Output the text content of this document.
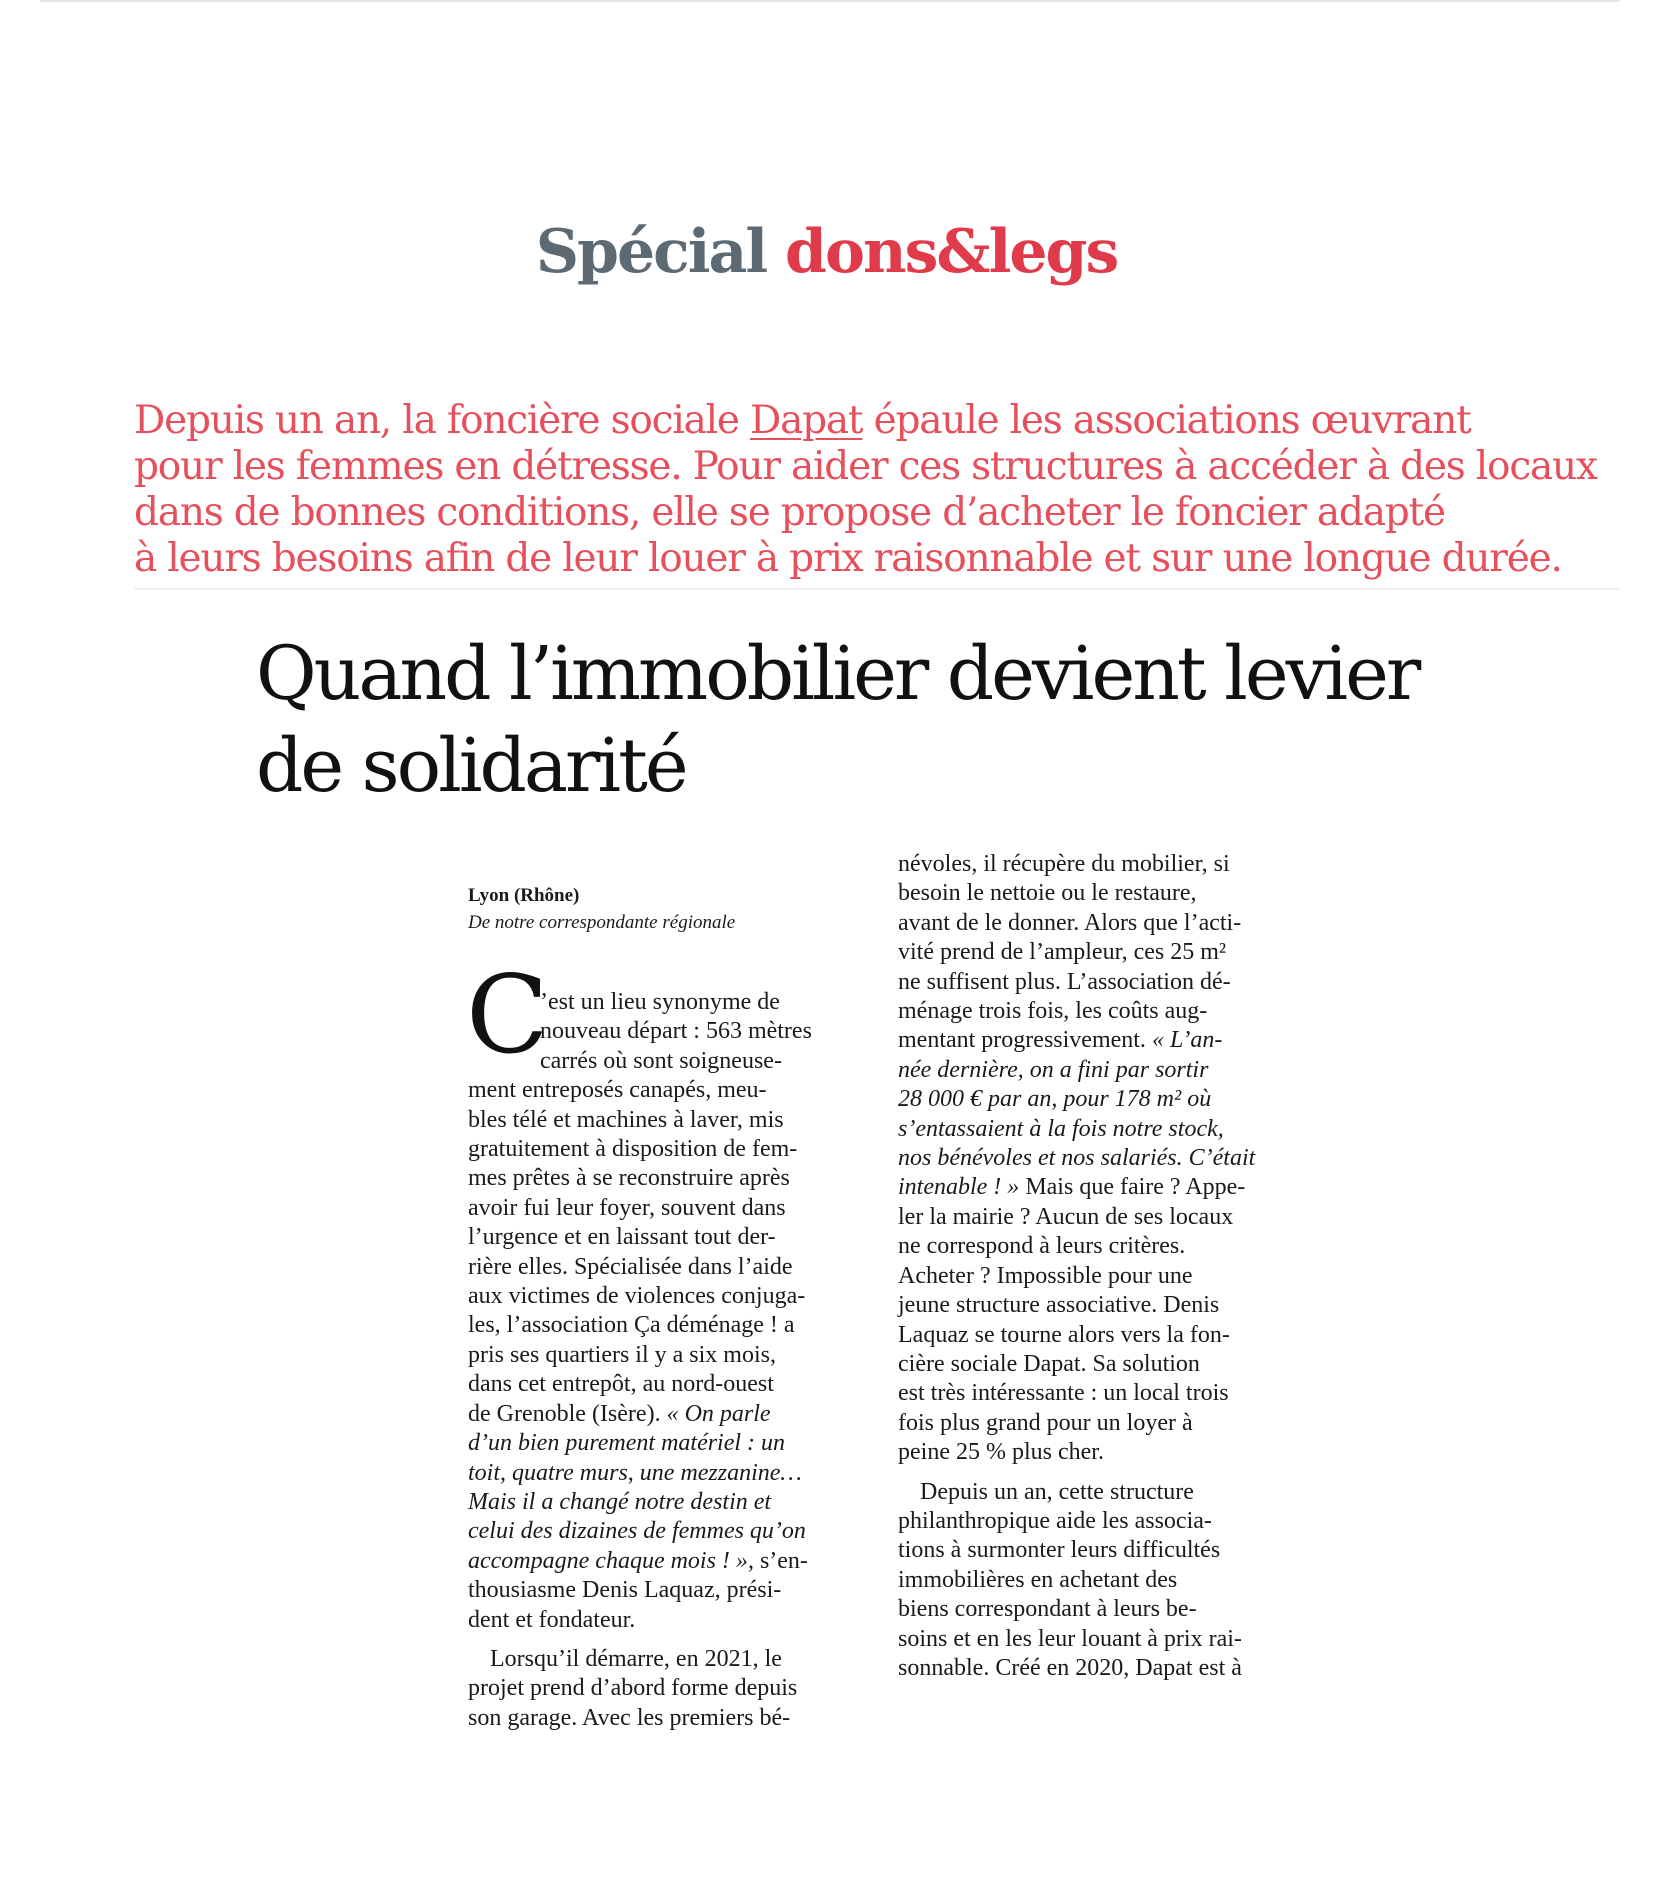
Spécial dons&legs
Depuis un an, la foncière sociale Dapat épaule les associations œuvrant
pour les femmes en détresse. Pour aider ces structures à accéder à des locaux
dans de bonnes conditions, elle se propose d’acheter le foncier adapté
à leurs besoins afin de leur louer à prix raisonnable et sur une longue durée.
Quand l’immobilier devient levier
de solidarité
Lyon (Rhône)
De notre correspondante régionale
C
’est un lieu synonyme de
nouveau départ : 563 mètres
carrés où sont soigneuse-
ment entreposés canapés, meu-
bles télé et machines à laver, mis
gratuitement à disposition de fem-
mes prêtes à se reconstruire après
avoir fui leur foyer, souvent dans
l’urgence et en laissant tout der-
rière elles. Spécialisée dans l’aide
aux victimes de violences conjuga-
les, l’association Ça déménage ! a
pris ses quartiers il y a six mois,
dans cet entrepôt, au nord-ouest
de Grenoble (Isère). « On parle
d’un bien purement matériel : un
toit, quatre murs, une mezzanine…
Mais il a changé notre destin et
celui des dizaines de femmes qu’on
accompagne chaque mois ! », s’en-
thousiasme Denis Laquaz, prési-
dent et fondateur.
Lorsqu’il démarre, en 2021, le
projet prend d’abord forme depuis
son garage. Avec les premiers bé-
névoles, il récupère du mobilier, si
besoin le nettoie ou le restaure,
avant de le donner. Alors que l’acti-
vité prend de l’ampleur, ces 25 m²
ne suffisent plus. L’association dé-
ménage trois fois, les coûts aug-
mentant progressivement. « L’an-
née dernière, on a fini par sortir
28 000 € par an, pour 178 m² où
s’entassaient à la fois notre stock,
nos bénévoles et nos salariés. C’était
intenable ! » Mais que faire ? Appe-
ler la mairie ? Aucun de ses locaux
ne correspond à leurs critères.
Acheter ? Impossible pour une
jeune structure associative. Denis
Laquaz se tourne alors vers la fon-
cière sociale Dapat. Sa solution
est très intéressante : un local trois
fois plus grand pour un loyer à
peine 25 % plus cher.
Depuis un an, cette structure
philanthropique aide les associa-
tions à surmonter leurs difficultés
immobilières en achetant des
biens correspondant à leurs be-
soins et en les leur louant à prix rai-
sonnable. Créé en 2020, Dapat est à
